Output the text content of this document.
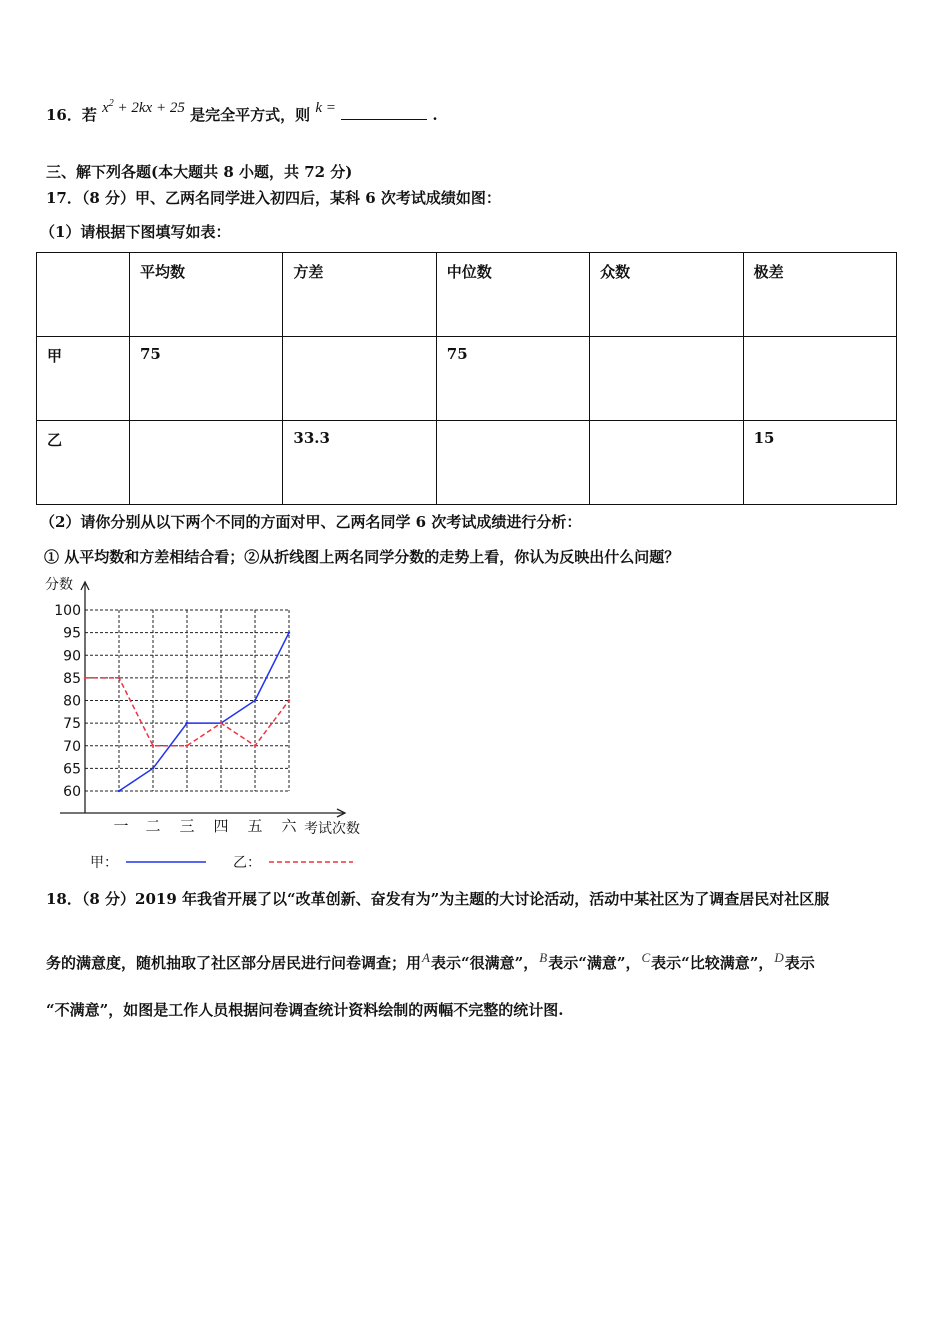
16．若 $x^2 + 2kx + 25$ 是完全平方式，则 k =	.
三、解下列各题(本大题共 8 小题，共 72 分)
17．（8 分）甲、乙两名同学进入初四后，某科 6 次考试成绩如图：
（1）请根据下图填写如表：
	平均数	方差	中位数	众数	极差
甲	75		75		
乙		33.3			15
（2）请你分别从以下两个不同的方面对甲、乙两名同学 6 次考试成绩进行分析：
① 从平均数和方差相结合看；②从折线图上两名同学分数的走势上看，你认为反映出什么问题？
分数
100
95
90
85
80
75
70
65
60
一 二 三 四 五 六 考试次数
甲：	乙：
18．（8 分）2019 年我省开展了以“改革创新、奋发有为”为主题的大讨论活动，活动中某社区为了调查居民对社区服
务的满意度，随机抽取了社区部分居民进行问卷调查；用$^A$表示“很满意”，$^B$表示“满意”，$^C$表示“比较满意”，$^D$表示
“不满意”，如图是工作人员根据问卷调查统计资料绘制的两幅不完整的统计图.
